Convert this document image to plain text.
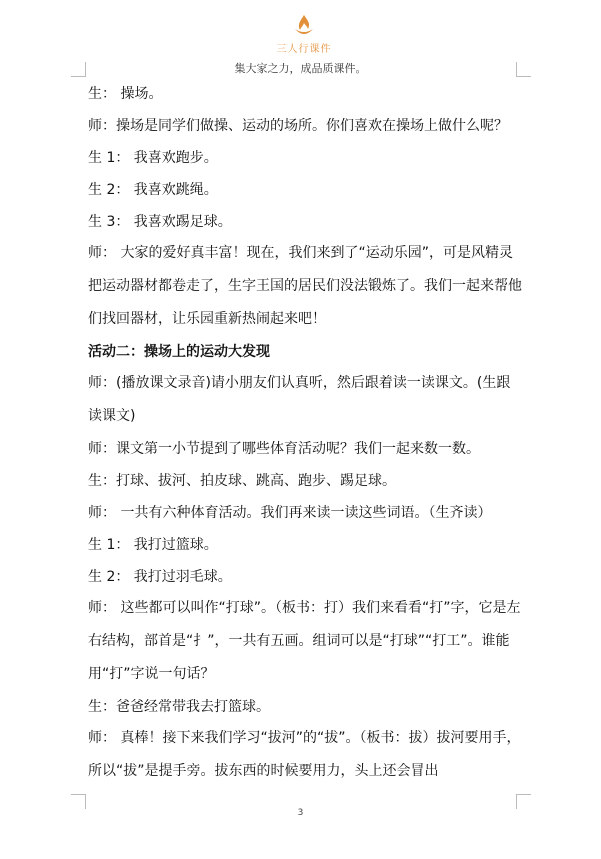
三人行课件
集大家之力，成品质课件。

生： 操场。

师：操场是同学们做操、运动的场所。你们喜欢在操场上做什么呢？

生 1： 我喜欢跑步。

生 2： 我喜欢跳绳。

生 3： 我喜欢踢足球。

师： 大家的爱好真丰富！现在，我们来到了“运动乐园”，可是风精灵把运动器材都卷走了，生字王国的居民们没法锻炼了。我们一起来帮他们找回器材，让乐园重新热闹起来吧！

活动二：操场上的运动大发现

师：(播放课文录音)请小朋友们认真听，然后跟着读一读课文。(生跟读课文)

师：课文第一小节提到了哪些体育活动呢？我们一起来数一数。

生：打球、拔河、拍皮球、跳高、跑步、踢足球。

师： 一共有六种体育活动。我们再来读一读这些词语。（生齐读）

生 1： 我打过篮球。

生 2： 我打过羽毛球。

师： 这些都可以叫作“打球”。（板书：打）我们来看看“打”字，它是左右结构，部首是“扌”，一共有五画。组词可以是“打球”“打工”。谁能用“打”字说一句话？

生：爸爸经常带我去打篮球。

师： 真棒！接下来我们学习“拔河”的“拔”。（板书：拔）拔河要用手，所以“拔”是提手旁。拔东西的时候要用力，头上还会冒出

3
